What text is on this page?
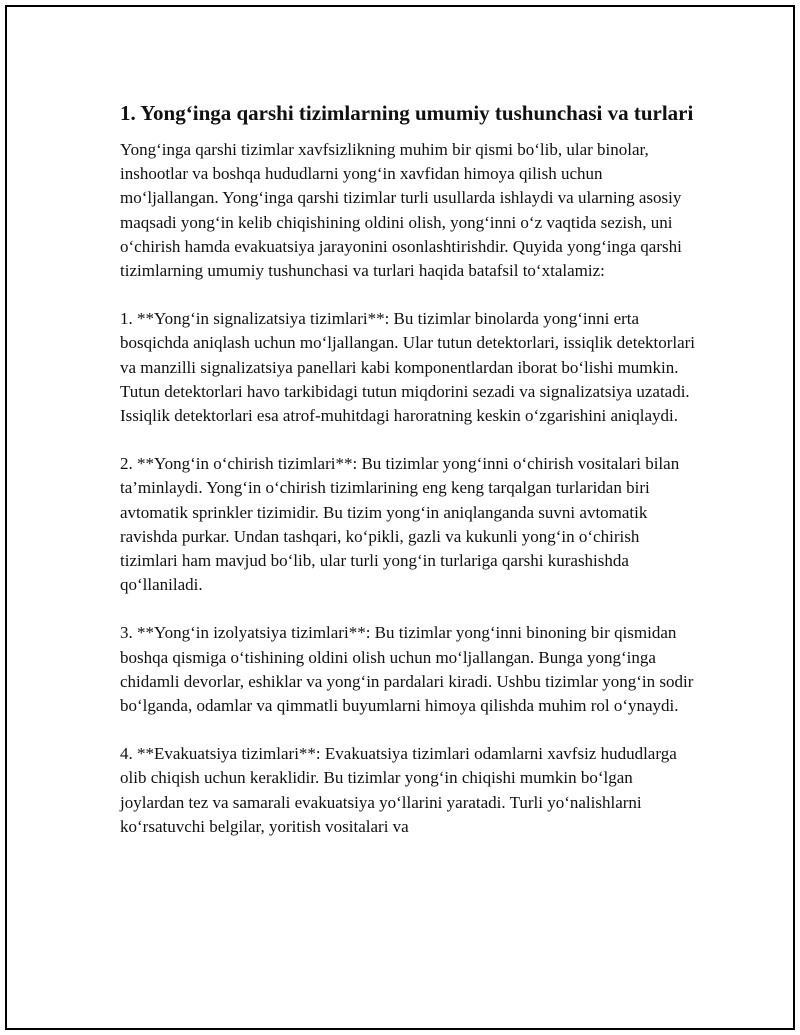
1. Yong‘inga qarshi tizimlarning umumiy tushunchasi va turlari

Yong‘inga qarshi tizimlar xavfsizlikning muhim bir qismi bo‘lib, ular binolar, inshootlar va boshqa hududlarni yong‘in xavfidan himoya qilish uchun mo‘ljallangan. Yong‘inga qarshi tizimlar turli usullarda ishlaydi va ularning asosiy maqsadi yong‘in kelib chiqishining oldini olish, yong‘inni o‘z vaqtida sezish, uni o‘chirish hamda evakuatsiya jarayonini osonlashtirishdir. Quyida yong‘inga qarshi tizimlarning umumiy tushunchasi va turlari haqida batafsil to‘xtalamiz:

1. **Yong‘in signalizatsiya tizimlari**: Bu tizimlar binolarda yong‘inni erta bosqichda aniqlash uchun mo‘ljallangan. Ular tutun detektorlari, issiqlik detektorlari va manzilli signalizatsiya panellari kabi komponentlardan iborat bo‘lishi mumkin. Tutun detektorlari havo tarkibidagi tutun miqdorini sezadi va signalizatsiya uzatadi. Issiqlik detektorlari esa atrof-muhitdagi haroratning keskin o‘zgarishini aniqlaydi.

2. **Yong‘in o‘chirish tizimlari**: Bu tizimlar yong‘inni o‘chirish vositalari bilan ta’minlaydi. Yong‘in o‘chirish tizimlarining eng keng tarqalgan turlaridan biri avtomatik sprinkler tizimidir. Bu tizim yong‘in aniqlanganda suvni avtomatik ravishda purkar. Undan tashqari, ko‘pikli, gazli va kukunli yong‘in o‘chirish tizimlari ham mavjud bo‘lib, ular turli yong‘in turlariga qarshi kurashishda qo‘llaniladi.

3. **Yong‘in izolyatsiya tizimlari**: Bu tizimlar yong‘inni binoning bir qismidan boshqa qismiga o‘tishining oldini olish uchun mo‘ljallangan. Bunga yong‘inga chidamli devorlar, eshiklar va yong‘in pardalari kiradi. Ushbu tizimlar yong‘in sodir bo‘lganda, odamlar va qimmatli buyumlarni himoya qilishda muhim rol o‘ynaydi.

4. **Evakuatsiya tizimlari**: Evakuatsiya tizimlari odamlarni xavfsiz hududlarga olib chiqish uchun keraklidir. Bu tizimlar yong‘in chiqishi mumkin bo‘lgan joylardan tez va samarali evakuatsiya yo‘llarini yaratadi. Turli yo‘nalishlarni ko‘rsatuvchi belgilar, yoritish vositalari va
